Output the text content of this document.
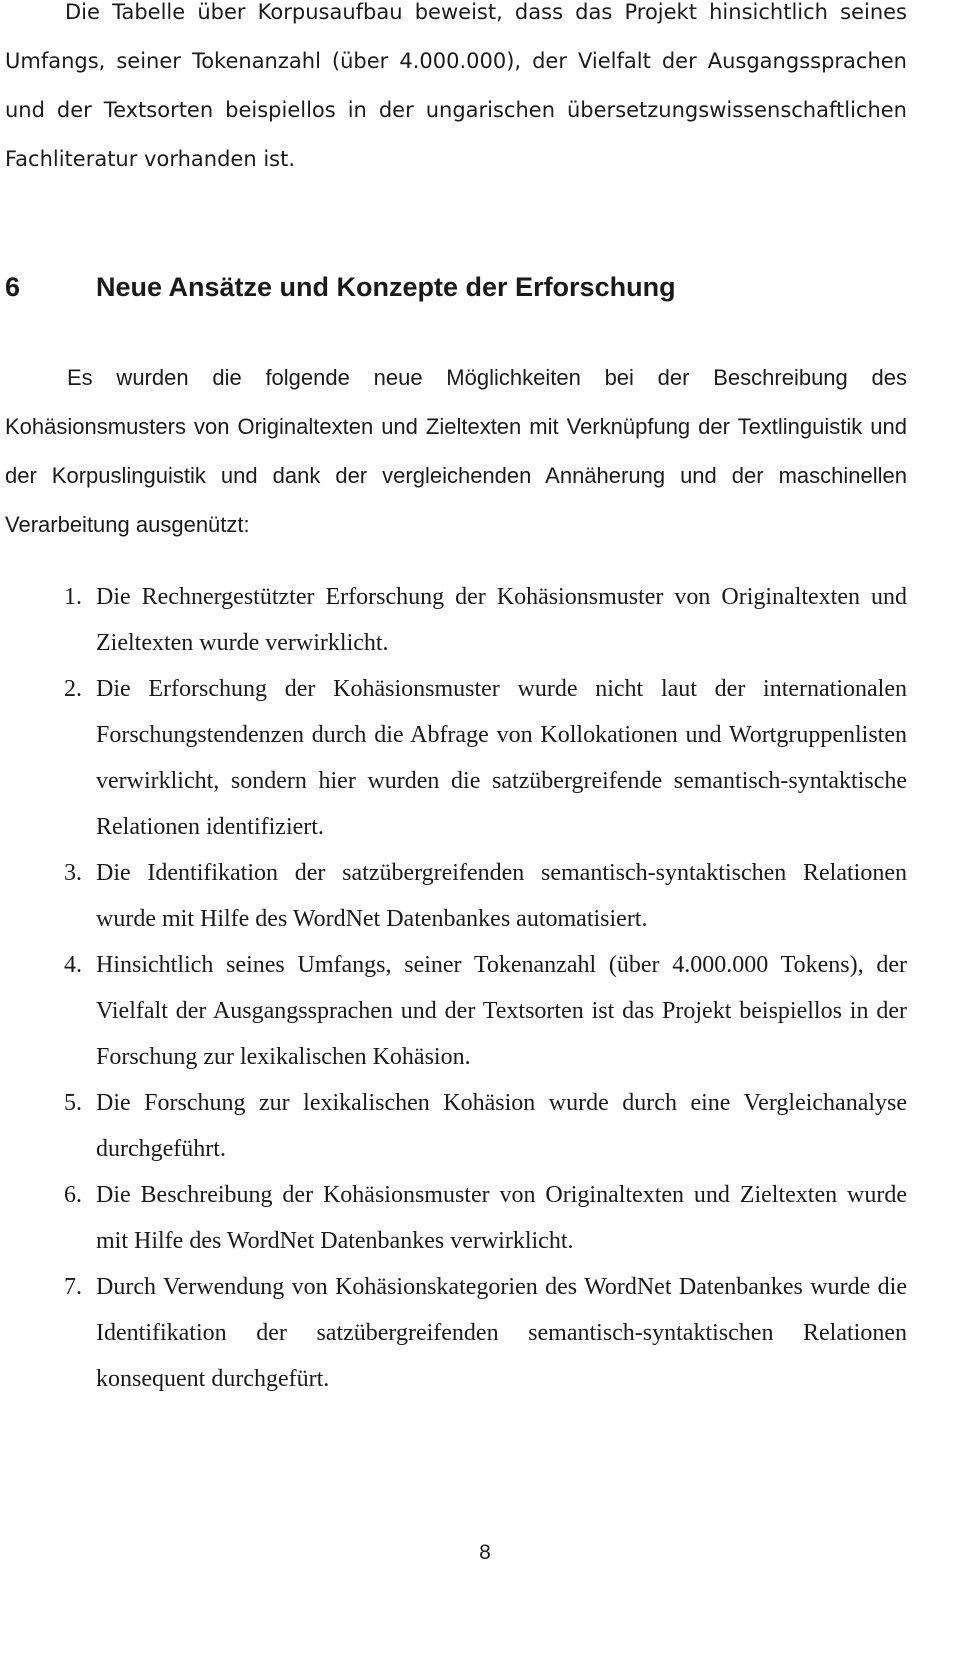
Die Tabelle über Korpusaufbau beweist, dass das Projekt hinsichtlich seines Umfangs, seiner Tokenanzahl (über 4.000.000), der Vielfalt der Ausgangssprachen und der Textsorten beispiellos in der ungarischen übersetzungswissenschaftlichen Fachliteratur vorhanden ist.

6	Neue Ansätze und Konzepte der Erforschung

Es wurden die folgende neue Möglichkeiten bei der Beschreibung des Kohäsionsmusters von Originaltexten und Zieltexten mit Verknüpfung der Textlinguistik und der Korpuslinguistik und dank der vergleichenden Annäherung und der maschinellen Verarbeitung ausgenützt:

1. Die Rechnergestützter Erforschung der Kohäsionsmuster von Originaltexten und Zieltexten wurde verwirklicht.
2. Die Erforschung der Kohäsionsmuster wurde nicht laut der internationalen Forschungstendenzen durch die Abfrage von Kollokationen und Wortgruppenlisten verwirklicht, sondern hier wurden die satzübergreifende semantisch-syntaktische Relationen identifiziert.
3. Die Identifikation der satzübergreifenden semantisch-syntaktischen Relationen wurde mit Hilfe des WordNet Datenbankes automatisiert.
4. Hinsichtlich seines Umfangs, seiner Tokenanzahl (über 4.000.000 Tokens), der Vielfalt der Ausgangssprachen und der Textsorten ist das Projekt beispiellos in der Forschung zur lexikalischen Kohäsion.
5. Die Forschung zur lexikalischen Kohäsion wurde durch eine Vergleichanalyse durchgeführt.
6. Die Beschreibung der Kohäsionsmuster von Originaltexten und Zieltexten wurde mit Hilfe des WordNet Datenbankes verwirklicht.
7. Durch Verwendung von Kohäsionskategorien des WordNet Datenbankes wurde die Identifikation der satzübergreifenden semantisch-syntaktischen Relationen konsequent durchgefürt.

8
